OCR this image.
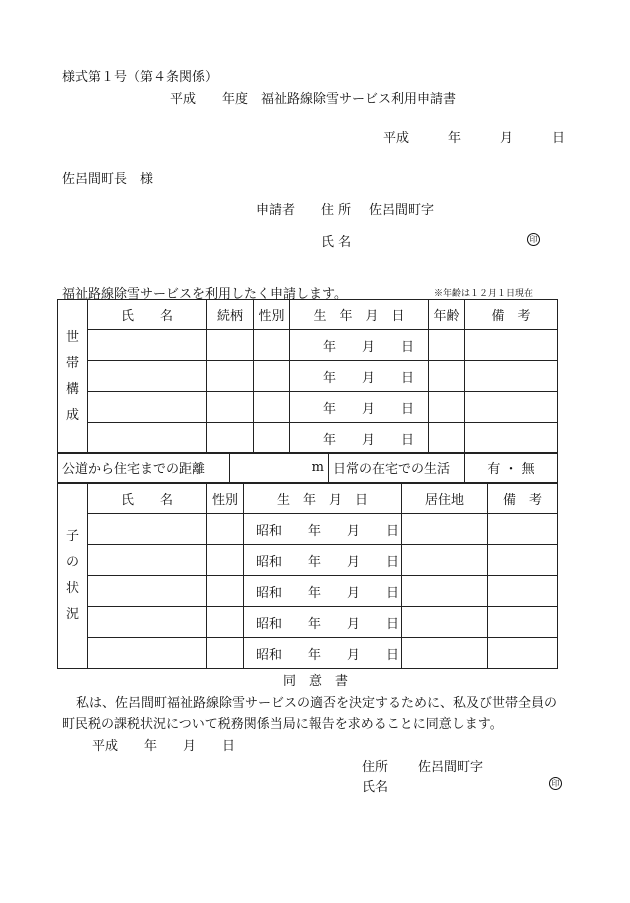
様式第１号（第４条関係）
平成　　年度　福祉路線除雪サービス利用申請書
平成　　　年　　　月　　　日
佐呂間町長　様
申請者 住 所 佐呂間町字
氏 名	印
福祉路線除雪サービスを利用したく申請します。	※年齢は１２月１日現在
世
帯
構
成	氏　　名	続柄	性別	生　年　月　日	年齢	備　考
				年　　月　　日		
				年　　月　　日		
				年　　月　　日		
				年　　月　　日		
公道から住宅までの距離	m	日常の在宅での生活	有 ・ 無
子
の
状
況	氏　　名	性別	生　年　月　日	居住地	備　考
			昭和　　年　　月　　日		
			昭和　　年　　月　　日		
			昭和　　年　　月　　日		
			昭和　　年　　月　　日		
			昭和　　年　　月　　日		
同　意　書
私は、佐呂間町福祉路線除雪サービスの適否を決定するために、私及び世帯全員の
町民税の課税状況について税務関係当局に報告を求めることに同意します。
平成　　年　　月　　日
住所 佐呂間町字
氏名	印
